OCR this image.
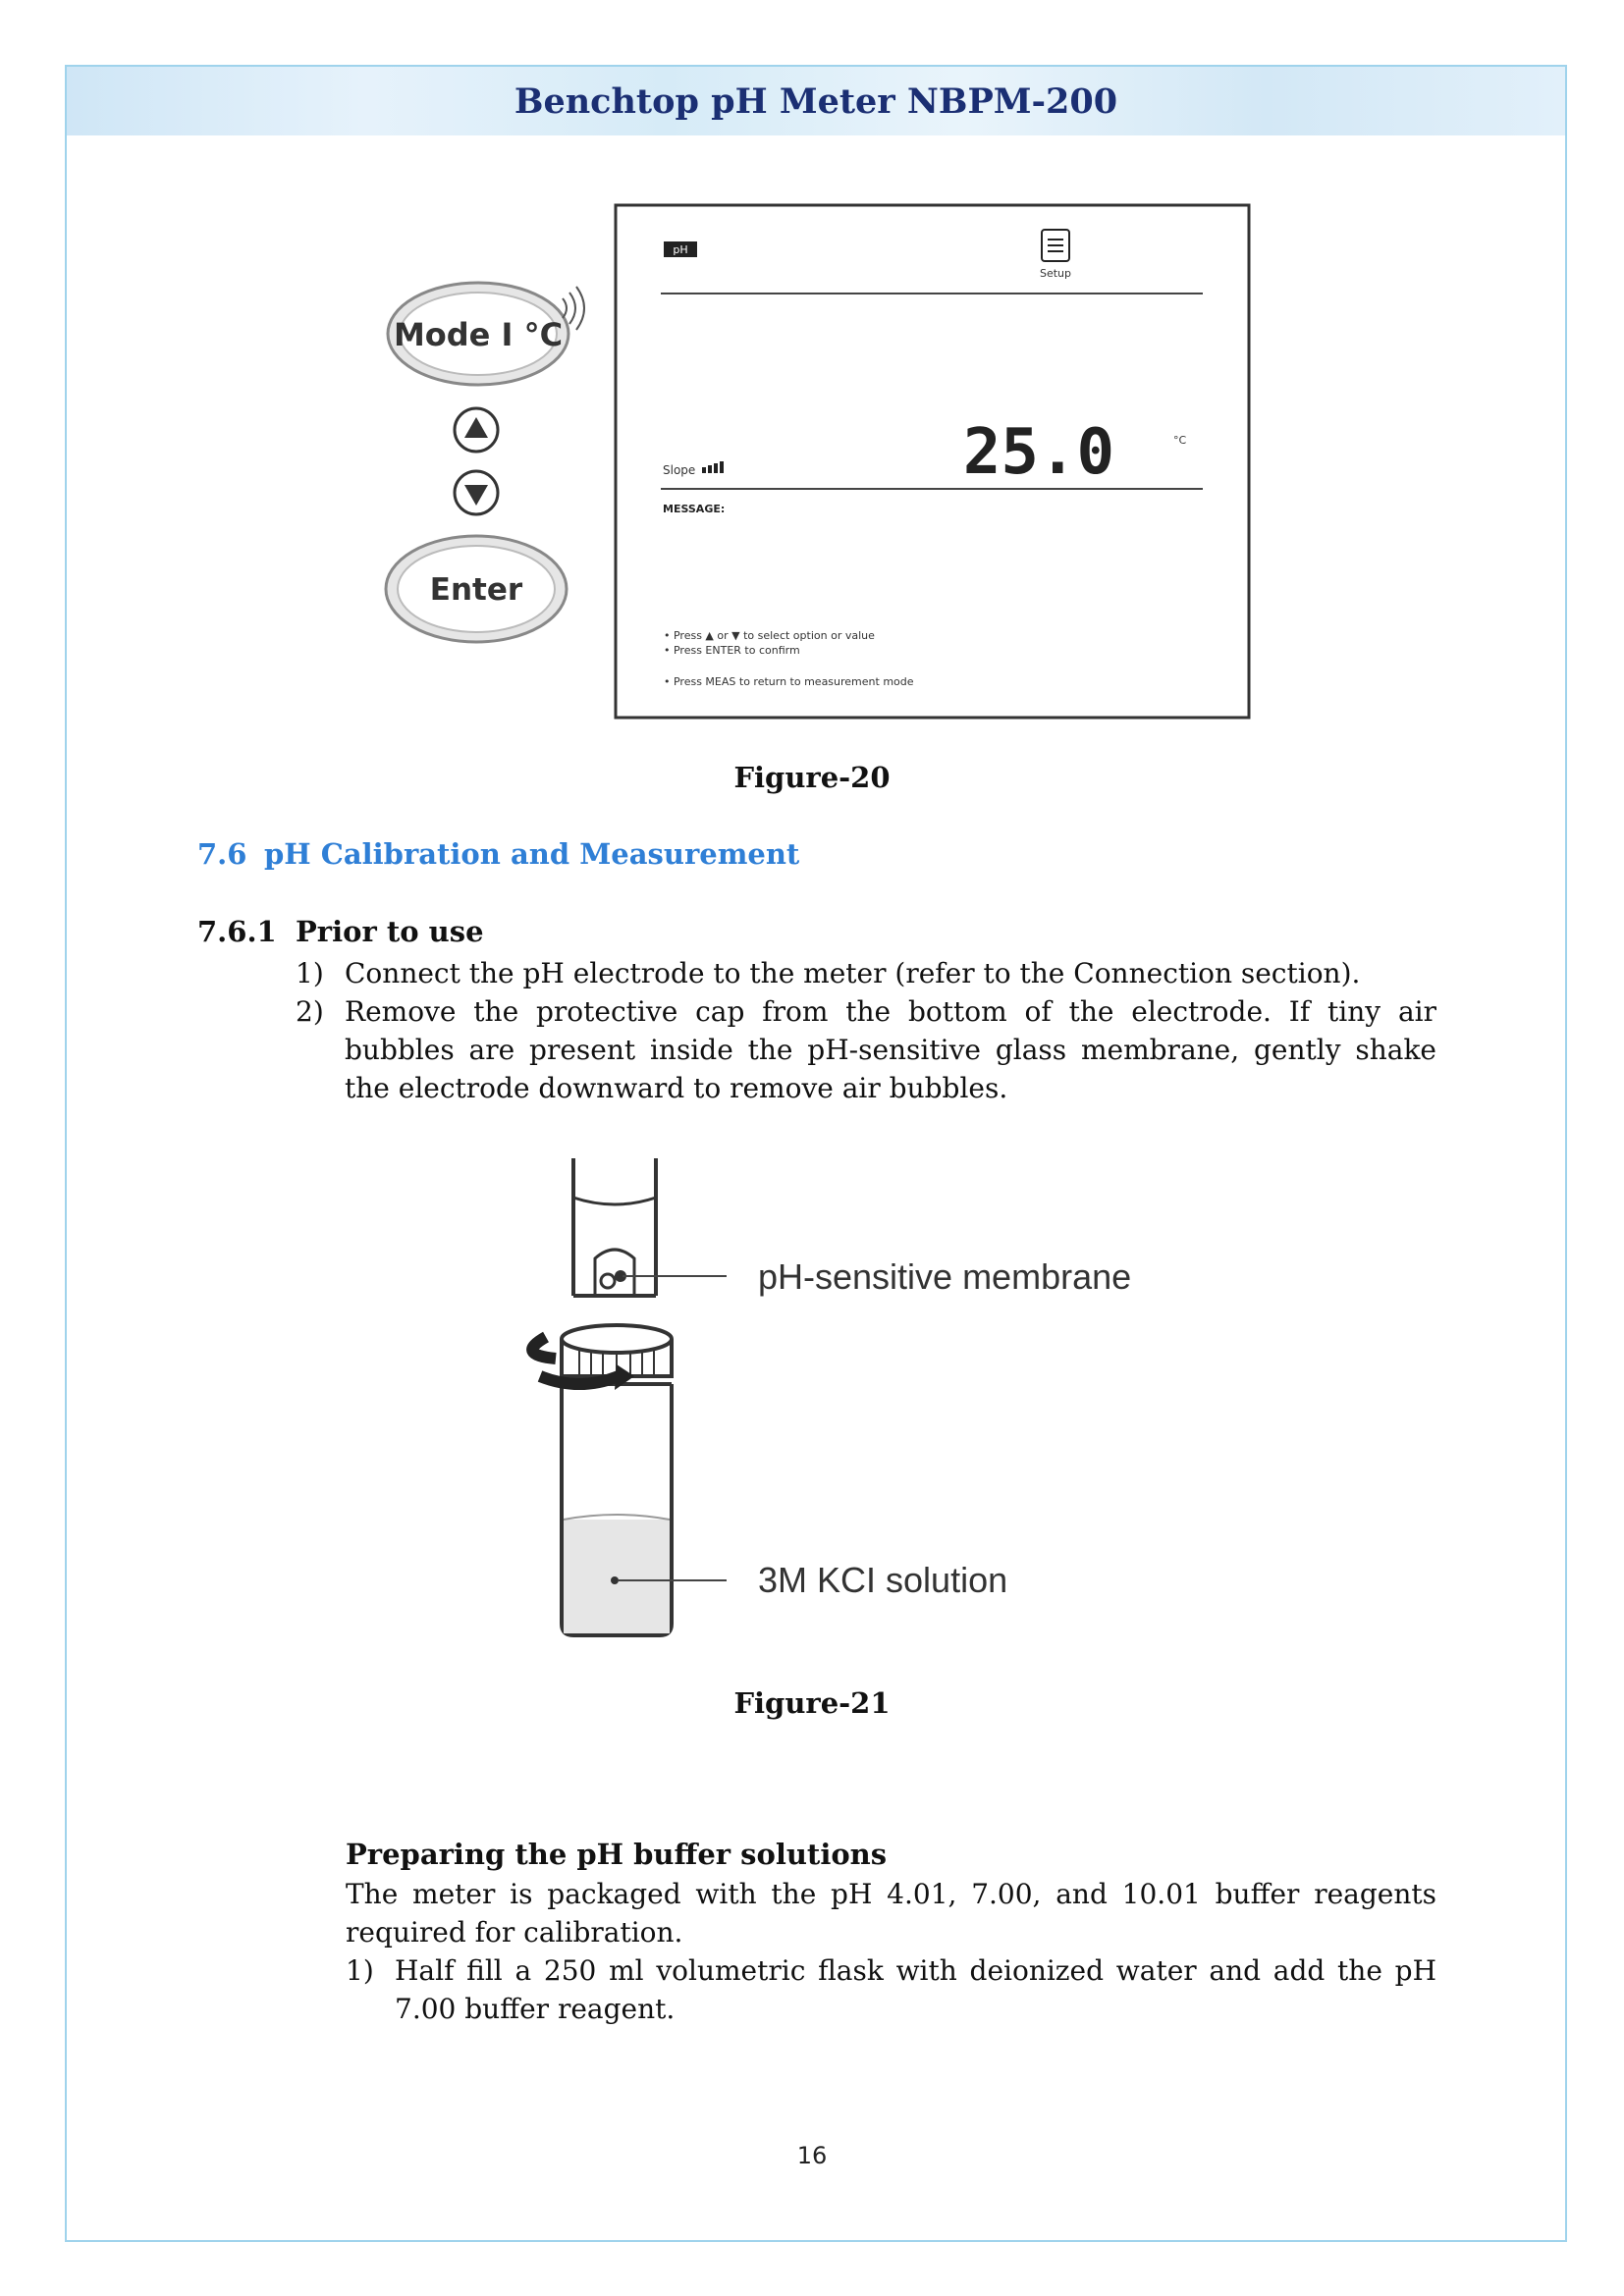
Benchtop pH Meter NBPM-200
Mode I °C
Enter
pH
Setup
25.0	°C
Slope
MESSAGE:
• Press ▲ or ▼ to select option or value
• Press ENTER to confirm
• Press MEAS to return to measurement mode
Figure-20
7.6 pH Calibration and Measurement
7.6.1 Prior to use
1) Connect the pH electrode to the meter (refer to the Connection section).
2) Remove the protective cap from the bottom of the electrode. If tiny air bubbles are present inside the pH-sensitive glass membrane, gently shake the electrode downward to remove air bubbles.
pH-sensitive membrane
3M KCI solution
Figure-21
Preparing the pH buffer solutions
The meter is packaged with the pH 4.01, 7.00, and 10.01 buffer reagents required for calibration.
1) Half fill a 250 ml volumetric flask with deionized water and add the pH 7.00 buffer reagent.
16
